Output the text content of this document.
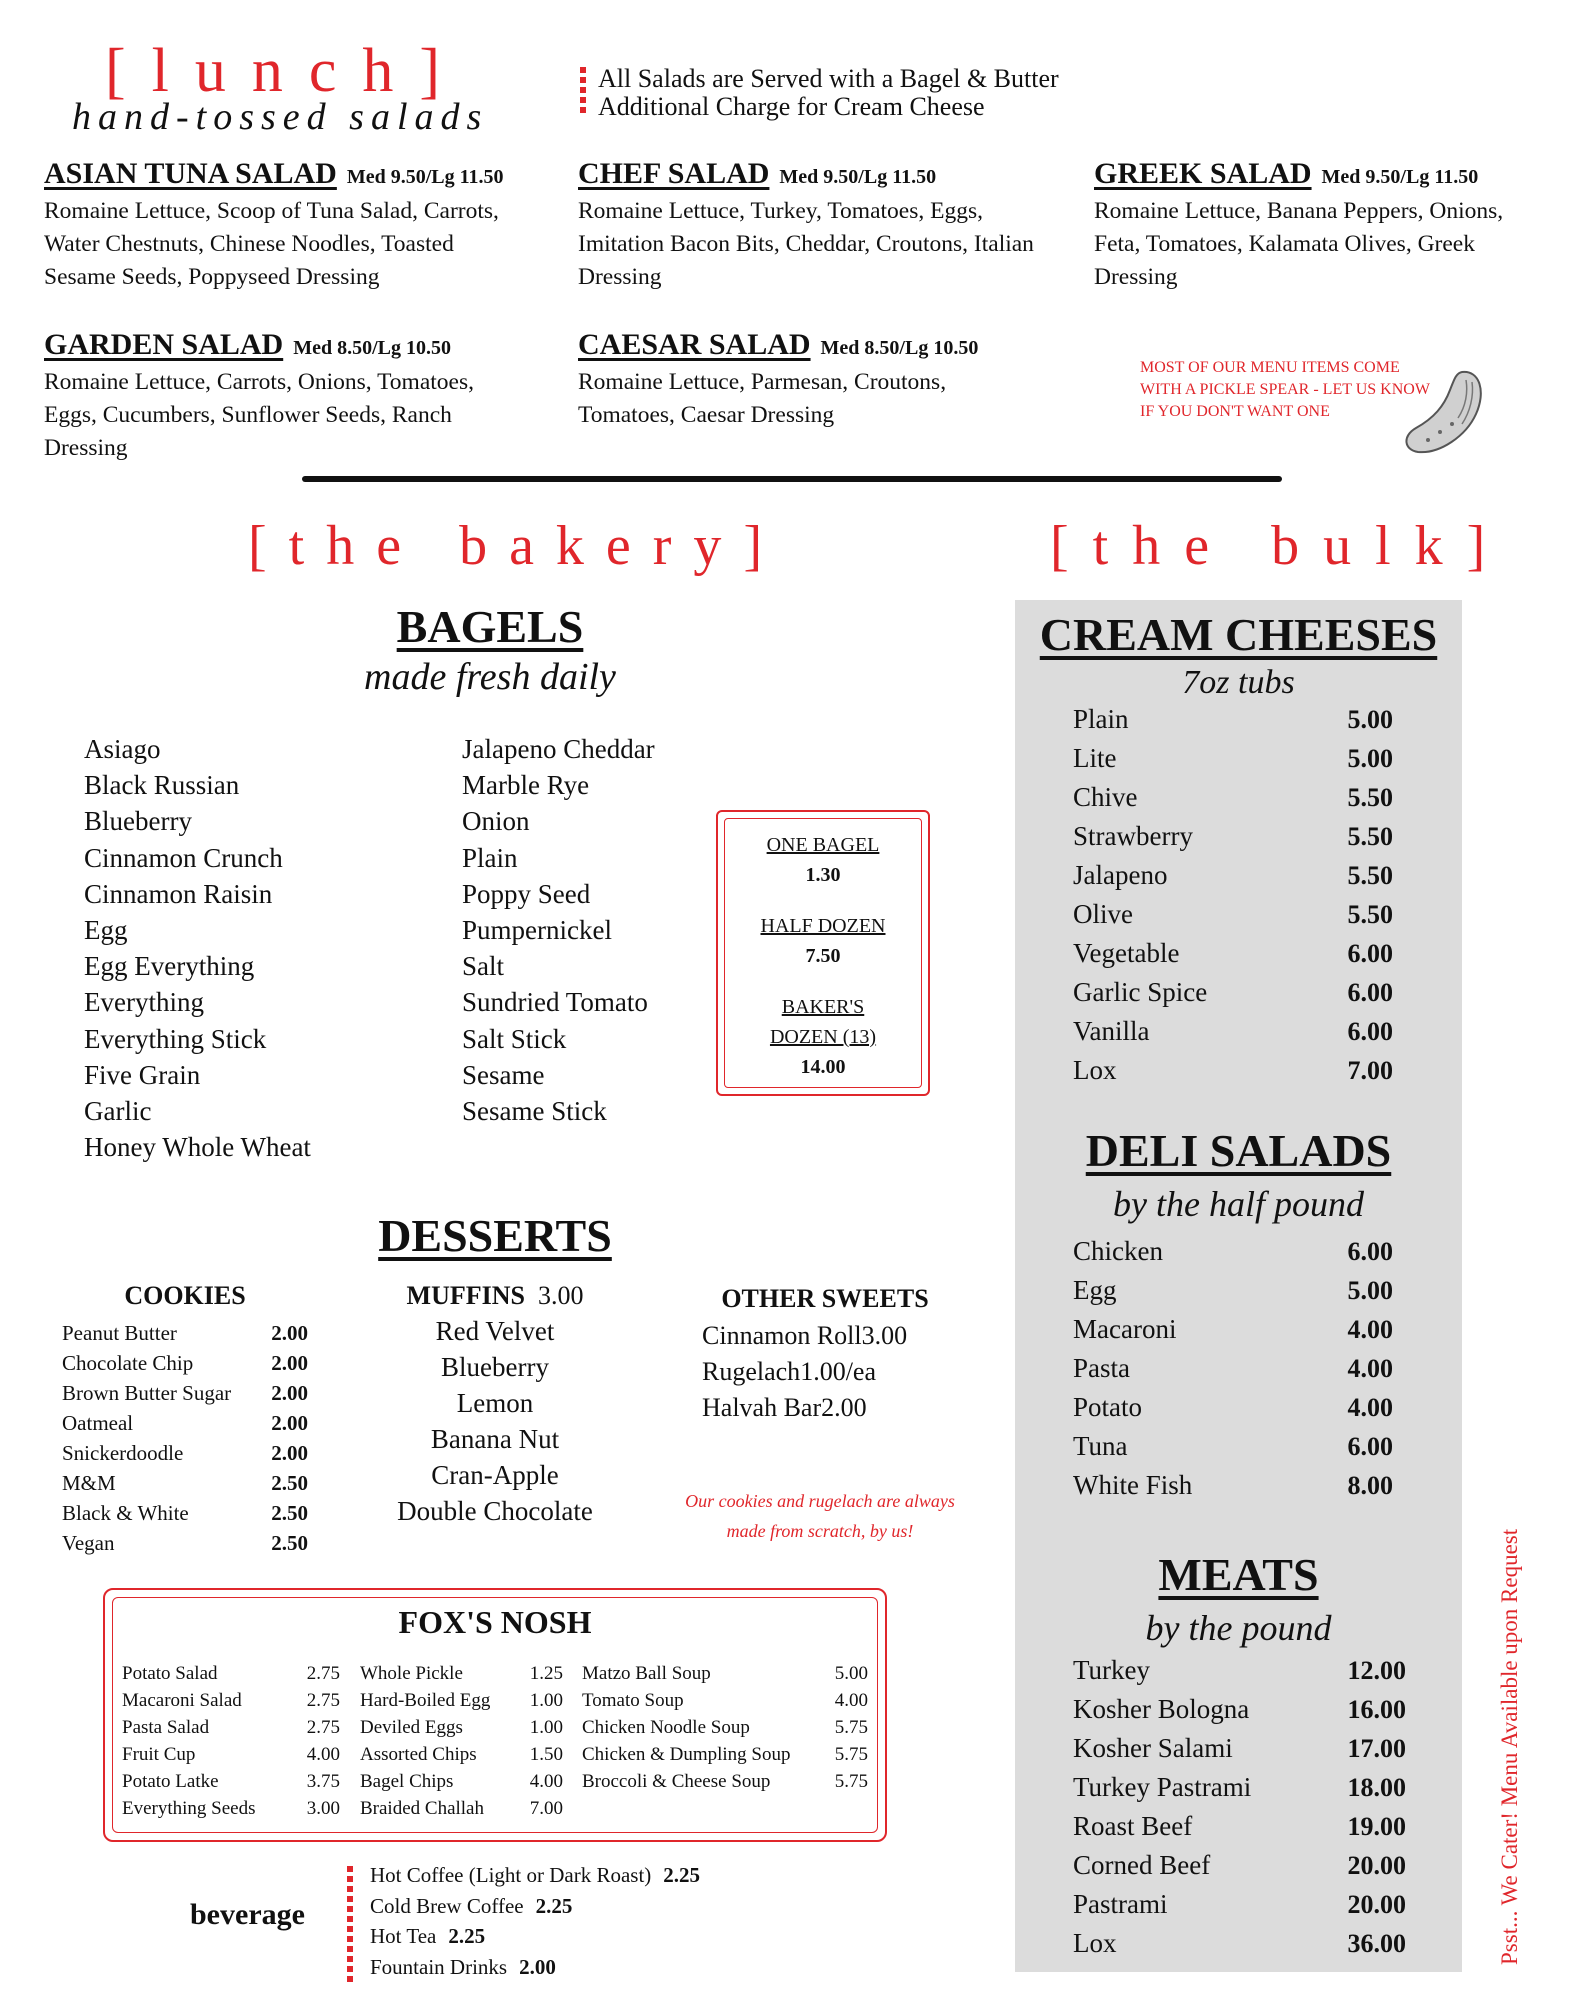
[lunch]
hand-tossed salads
All Salads are Served with a Bagel & Butter
Additional Charge for Cream Cheese
ASIAN TUNA SALAD Med 9.50/Lg 11.50
Romaine Lettuce, Scoop of Tuna Salad, Carrots, Water Chestnuts, Chinese Noodles, Toasted Sesame Seeds, Poppyseed Dressing
CHEF SALAD Med 9.50/Lg 11.50
Romaine Lettuce, Turkey, Tomatoes, Eggs, Imitation Bacon Bits, Cheddar, Croutons, Italian Dressing
GREEK SALAD Med 9.50/Lg 11.50
Romaine Lettuce, Banana Peppers, Onions, Feta, Tomatoes, Kalamata Olives, Greek Dressing
GARDEN SALAD Med 8.50/Lg 10.50
Romaine Lettuce, Carrots, Onions, Tomatoes, Eggs, Cucumbers, Sunflower Seeds, Ranch Dressing
CAESAR SALAD Med 8.50/Lg 10.50
Romaine Lettuce, Parmesan, Croutons, Tomatoes, Caesar Dressing
MOST OF OUR MENU ITEMS COME WITH A PICKLE SPEAR - LET US KNOW IF YOU DON'T WANT ONE
[the bakery]
BAGELS
made fresh daily
Asiago
Black Russian
Blueberry
Cinnamon Crunch
Cinnamon Raisin
Egg
Egg Everything
Everything
Everything Stick
Five Grain
Garlic
Honey Whole Wheat
Jalapeno Cheddar
Marble Rye
Onion
Plain
Poppy Seed
Pumpernickel
Salt
Sundried Tomato
Salt Stick
Sesame
Sesame Stick
ONE BAGEL
1.30
HALF DOZEN
7.50
BAKER'S
DOZEN (13)
14.00
DESSERTS
COOKIES
Peanut Butter	2.00
Chocolate Chip	2.00
Brown Butter Sugar 2.00
Oatmeal	2.00
Snickerdoodle	2.00
M&M	2.50
Black & White	2.50
Vegan	2.50
MUFFINS 3.00
Red Velvet
Blueberry
Lemon
Banana Nut
Cran-Apple
Double Chocolate
OTHER SWEETS
Cinnamon Roll3.00
Rugelach1.00/ea
Halvah Bar2.00
Our cookies and rugelach are always
made from scratch, by us!
FOX'S NOSH
Potato Salad	2.75
Macaroni Salad	2.75
Pasta Salad	2.75
Fruit Cup	4.00
Potato Latke	3.75
Everything Seeds	3.00
Whole Pickle	1.25
Hard-Boiled Egg 1.00
Deviled Eggs	1.00
Assorted Chips	1.50
Bagel Chips	4.00
Braided Challah 7.00
Matzo Ball Soup	5.00
Tomato Soup	4.00
Chicken Noodle Soup	5.75
Chicken & Dumpling Soup 5.75
Broccoli & Cheese Soup	5.75
beverage
Hot Coffee (Light or Dark Roast) 2.25
Cold Brew Coffee 2.25
Hot Tea 2.25
Fountain Drinks 2.00
[the bulk]
CREAM CHEESES
7oz tubs
Plain	5.00
Lite	5.00
Chive	5.50
Strawberry	5.50
Jalapeno	5.50
Olive	5.50
Vegetable	6.00
Garlic Spice	6.00
Vanilla	6.00
Lox	7.00
DELI SALADS
by the half pound
Chicken	6.00
Egg	5.00
Macaroni	4.00
Pasta	4.00
Potato	4.00
Tuna	6.00
White Fish	8.00
MEATS
by the pound
Turkey	12.00
Kosher Bologna	16.00
Kosher Salami	17.00
Turkey Pastrami	18.00
Roast Beef	19.00
Corned Beef	20.00
Pastrami	20.00
Lox	36.00	Psst... We Cater! Menu Available upon Request
